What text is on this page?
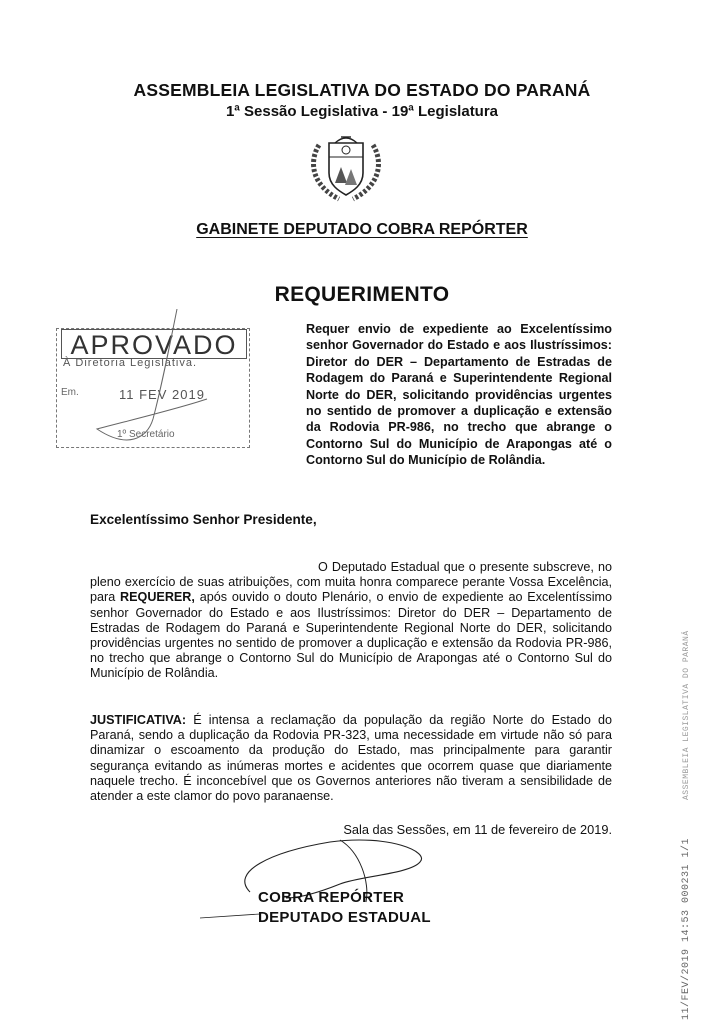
ASSEMBLEIA LEGISLATIVA DO ESTADO DO PARANÁ
1ª Sessão Legislativa - 19ª Legislatura
GABINETE DEPUTADO COBRA REPÓRTER
REQUERIMENTO
APROVADO
À Diretoria Legislativa.
Em.	11 FEV 2019
1º Secretário
Requer envio de expediente ao Excelentíssimo senhor Governador do Estado e aos Ilustríssimos: Diretor do DER – Departamento de Estradas de Rodagem do Paraná e Superintendente Regional Norte do DER, solicitando providências urgentes no sentido de promover a duplicação e extensão da Rodovia PR-986, no trecho que abrange o Contorno Sul do Município de Arapongas até o Contorno Sul do Município de Rolândia.
Excelentíssimo Senhor Presidente,
O Deputado Estadual que o presente subscreve, no pleno exercício de suas atribuições, com muita honra comparece perante Vossa Excelência, para REQUERER, após ouvido o douto Plenário, o envio de expediente ao Excelentíssimo senhor Governador do Estado e aos Ilustríssimos: Diretor do DER – Departamento de Estradas de Rodagem do Paraná e Superintendente Regional Norte do DER, solicitando providências urgentes no sentido de promover a duplicação e extensão da Rodovia PR-986, no trecho que abrange o Contorno Sul do Município de Arapongas até o Contorno Sul do Município de Rolândia.
JUSTIFICATIVA: É intensa a reclamação da população da região Norte do Estado do Paraná, sendo a duplicação da Rodovia PR-323, uma necessidade em virtude não só para dinamizar o escoamento da produção do Estado, mas principalmente para garantir segurança evitando as inúmeras mortes e acidentes que ocorrem quase que diariamente naquele trecho. É inconcebível que os Governos anteriores não tiveram a sensibilidade de atender a este clamor do povo paranaense.
Sala das Sessões, em 11 de fevereiro de 2019.
COBRA REPÓRTER
DEPUTADO ESTADUAL	11/FEV/2019 14:53 000231 1/1
ASSEMBLEIA LEGISLATIVA DO PARANÁ
